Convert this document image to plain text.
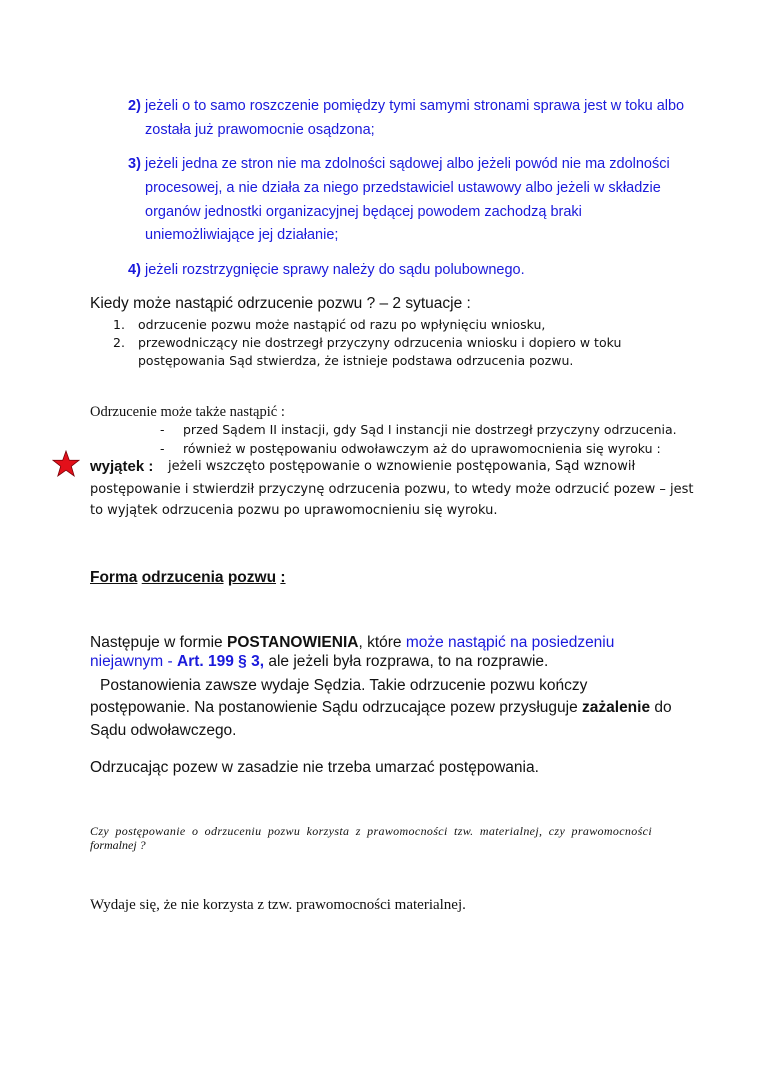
2) jeżeli o to samo roszczenie pomiędzy tymi samymi stronami sprawa jest w toku albo
została już prawomocnie osądzona;
3) jeżeli jedna ze stron nie ma zdolności sądowej albo jeżeli powód nie ma zdolności
procesowej, a nie działa za niego przedstawiciel ustawowy albo jeżeli w składzie
organów jednostki organizacyjnej będącej powodem zachodzą braki
uniemożliwiające jej działanie;
4) jeżeli rozstrzygnięcie sprawy należy do sądu polubownego.
Kiedy może nastąpić odrzucenie pozwu ? – 2 sytuacje :
1. odrzucenie pozwu może nastąpić od razu po wpłynięciu wniosku,
2. przewodniczący nie dostrzegł przyczyny odrzucenia wniosku i dopiero w toku
postępowania Sąd stwierdza, że istnieje podstawa odrzucenia pozwu.
Odrzucenie może także nastąpić :
- przed Sądem II instacji, gdy Sąd I instancji nie dostrzegł przyczyny odrzucenia.
- również w postępowaniu odwoławczym aż do uprawomocnienia się wyroku :
wyjątek : jeżeli wszczęto postępowanie o wznowienie postępowania, Sąd wznowił
postępowanie i stwierdził przyczynę odrzucenia pozwu, to wtedy może odrzucić pozew – jest
to wyjątek odrzucenia pozwu po uprawomocnieniu się wyroku.
Forma odrzucenia pozwu :
Następuje w formie POSTANOWIENIA, które może nastąpić na posiedzeniu
niejawnym - Art. 199 § 3, ale jeżeli była rozprawa, to na rozprawie.
Postanowienia zawsze wydaje Sędzia. Takie odrzucenie pozwu kończy
postępowanie. Na postanowienie Sądu odrzucające pozew przysługuje zażalenie do
Sądu odwoławczego.
Odrzucając pozew w zasadzie nie trzeba umarzać postępowania.
Czy postępowanie o odrzuceniu pozwu korzysta z prawomocności tzw. materialnej, czy prawomocności
formalnej ?
Wydaje się, że nie korzysta z tzw. prawomocności materialnej.
